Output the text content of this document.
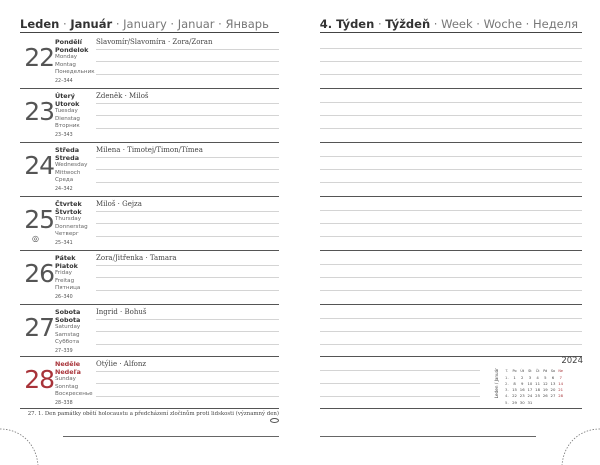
Leden · Január · January · Januar · Январь	4. Týden · Týždeň · Week · Woche · Неделя
22
Pondělí
Pondelok
Monday
Montag
Понедельник
22–344
Slavomír/Slavomíra · Zora/Zoran
23
Úterý
Utorok
Tuesday
Dienstag
Вторник
23–343
Zdeněk · Miloš
24
Středa
Streda
Wednesday
Mittwoch
Среда
24–342
Milena · Timotej/Timon/Tímea
25
Čtvrtek
Štvrtok
Thursday
Donnerstag
Четверг
25–341
◎
Miloš · Gejza
26
Pátek
Piatok
Friday
Freitag
Пятница
26–340
Zora/Jitřenka · Tamara
27
Sobota
Sobota
Saturday
Samstag
Суббота
27–339
Ingrid · Bohuš
28
Neděle
Nedeľa
Sunday
Sonntag
Воскресенье
28–338
Otýlie · Alfonz
27. 1. Den památky obětí holocaustu a předcházení zločinům proti lidskosti (významný den)
2024
Leden / Január T.	Po	Út	St	Čt	Pá	So	Ne
1.	1	2	3	4	5	6	7
2.	8	9	10	11	12	13	14
3.	15	16	17	18	19	20	21
4.	22	23	24	25	26	27	28
5.	29	30	31				
